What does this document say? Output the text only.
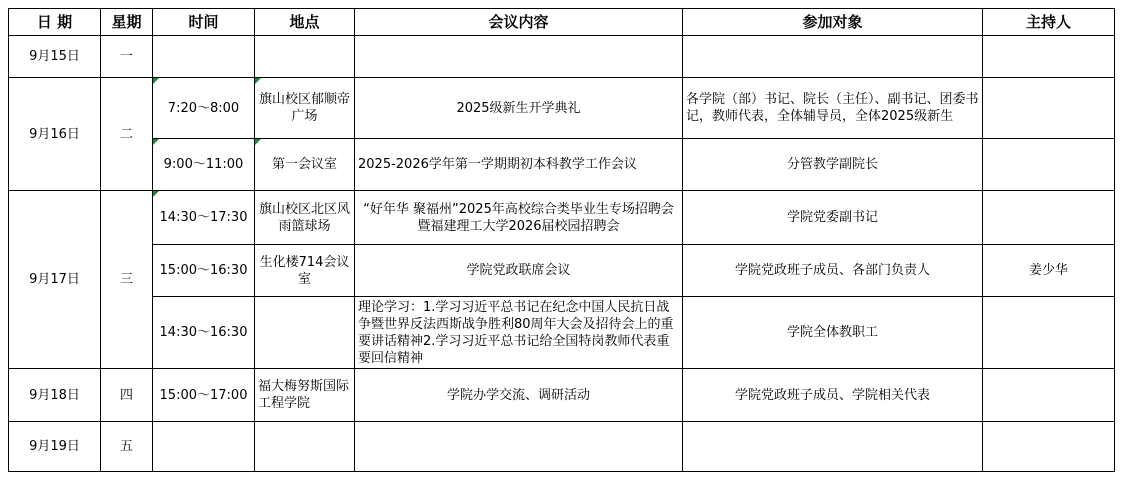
日 期	星期	时间	地点	会议内容	参加对象	主持人
9月15日	一					
9月16日	二	7:20～8:00	旗山校区郁顺帝广场	2025级新生开学典礼	各学院（部）书记、院长（主任）、副书记、团委书记，教师代表，全体辅导员，全体2025级新生	
		9:00～11:00	第一会议室	2025-2026学年第一学期期初本科教学工作会议	分管教学副院长	
9月17日	三	14:30～17:30	旗山校区北区风雨篮球场	“好年华 聚福州”2025年高校综合类毕业生专场招聘会暨福建理工大学2026届校园招聘会	学院党委副书记	
		15:00～16:30	生化楼714会议室	学院党政联席会议	学院党政班子成员、各部门负责人	姜少华
		14:30～16:30		理论学习：1.学习习近平总书记在纪念中国人民抗日战争暨世界反法西斯战争胜利80周年大会及招待会上的重要讲话精神2.学习习近平总书记给全国特岗教师代表重要回信精神	学院全体教职工	
9月18日	四	15:00～17:00	福大梅努斯国际工程学院	学院办学交流、调研活动	学院党政班子成员、学院相关代表	
9月19日	五					
